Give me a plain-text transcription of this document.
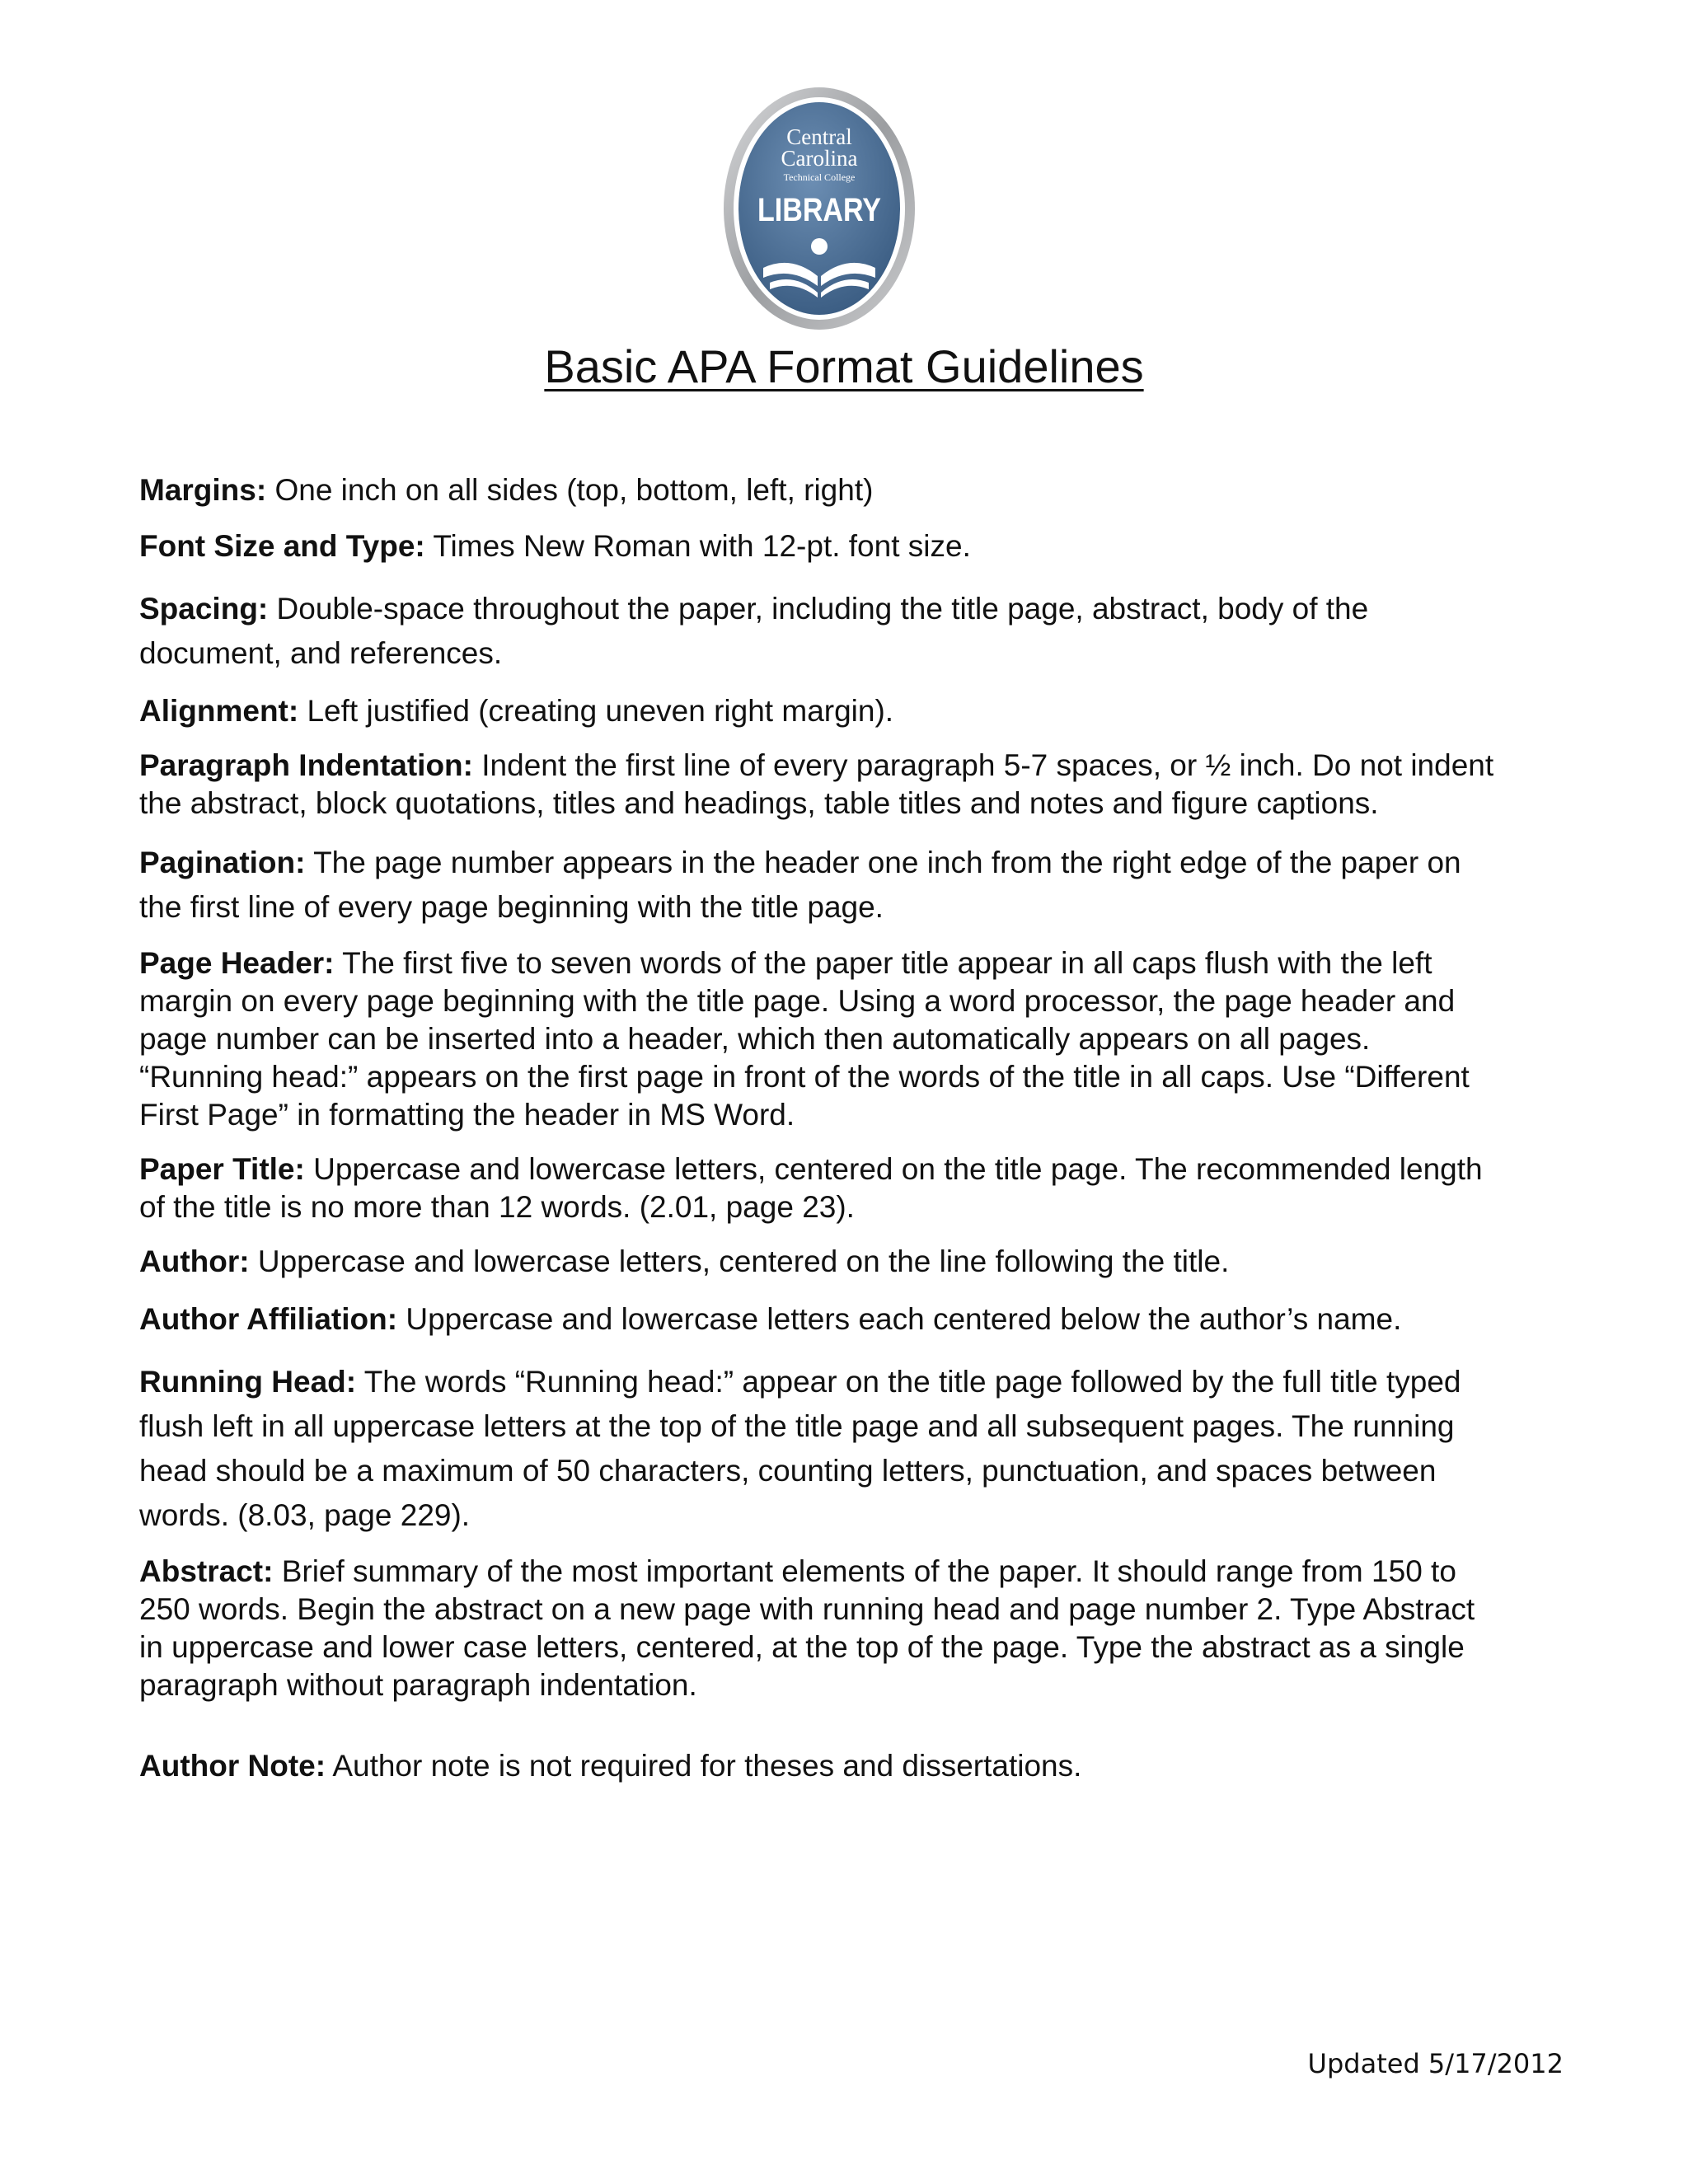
Central
Carolina
Technical College
LIBRARY
Basic APA Format Guidelines

Margins: One inch on all sides (top, bottom, left, right)

Font Size and Type: Times New Roman with 12-pt. font size.

Spacing: Double-space throughout the paper, including the title page, abstract, body of the document, and references.

Alignment: Left justified (creating uneven right margin).

Paragraph Indentation: Indent the first line of every paragraph 5-7 spaces, or ½ inch. Do not indent the abstract, block quotations, titles and headings, table titles and notes and figure captions.

Pagination: The page number appears in the header one inch from the right edge of the paper on the first line of every page beginning with the title page.

Page Header: The first five to seven words of the paper title appear in all caps flush with the left margin on every page beginning with the title page. Using a word processor, the page header and page number can be inserted into a header, which then automatically appears on all pages. “Running head:” appears on the first page in front of the words of the title in all caps. Use “Different First Page” in formatting the header in MS Word.

Paper Title: Uppercase and lowercase letters, centered on the title page. The recommended length of the title is no more than 12 words. (2.01, page 23).

Author: Uppercase and lowercase letters, centered on the line following the title.

Author Affiliation: Uppercase and lowercase letters each centered below the author’s name.

Running Head: The words “Running head:” appear on the title page followed by the full title typed flush left in all uppercase letters at the top of the title page and all subsequent pages. The running head should be a maximum of 50 characters, counting letters, punctuation, and spaces between words. (8.03, page 229).

Abstract: Brief summary of the most important elements of the paper. It should range from 150 to 250 words. Begin the abstract on a new page with running head and page number 2. Type Abstract in uppercase and lower case letters, centered, at the top of the page. Type the abstract as a single paragraph without paragraph indentation.

Author Note: Author note is not required for theses and dissertations.

Updated 5/17/2012
